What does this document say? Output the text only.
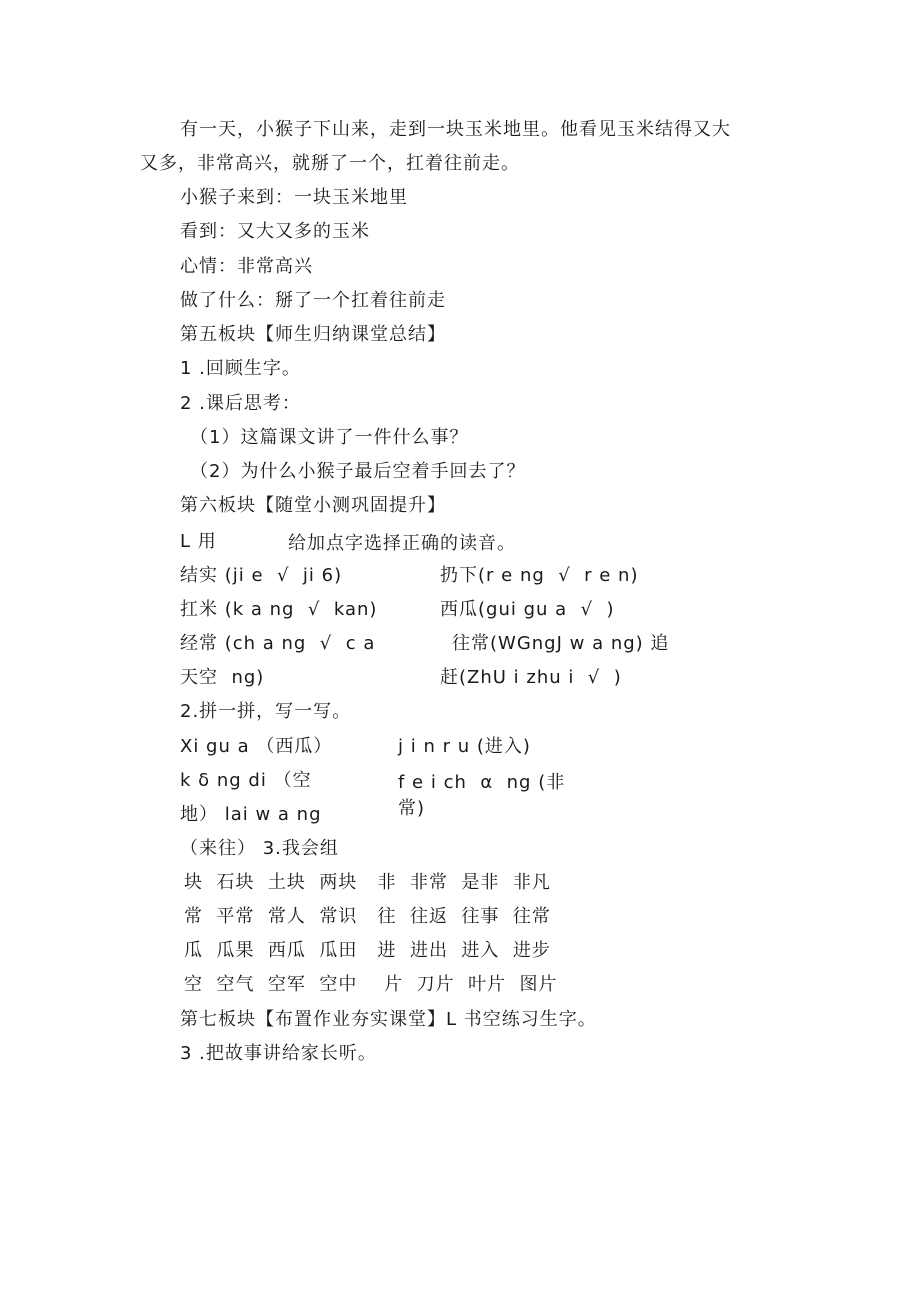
有一天，小猴子下山来，走到一块玉米地里。他看见玉米结得又大
又多，非常高兴，就掰了一个，扛着往前走。
小猴子来到：一块玉米地里
看到：又大又多的玉米
心情：非常高兴
做了什么：掰了一个扛着往前走
第五板块【师生归纳课堂总结】
1 .回顾生字。
2 .课后思考：
（1）这篇课文讲了一件什么事？
（2）为什么小猴子最后空着手回去了？
第六板块【随堂小测巩固提升】
L 用	给加点字选择正确的读音。
结实 (ji e  √  ji 6)	扔下(r e ng  √  r e n)
扛米 (k a ng  √  kan)	西瓜(gui gu a  √  )
经常 (ch a ng  √  c a	往常(WGngJ w a ng) 追
天空  ng)	赶(ZhU i zhu i  √  )
2.拼一拼，写一写。
Xi gu a （西瓜）	j i n r u (进入)
k δ ng di （空	f e i ch  α  ng (非
地） lai w a ng	常)
（来往） 3.我会组
块  石块  土块  两块   非  非常  是非  非凡
常  平常  常人  常识   往  往返  往事  往常
瓜  瓜果  西瓜  瓜田   进  进出  进入  进步
空  空气  空军  空中    片  刀片  叶片  图片
第七板块【布置作业夯实课堂】L 书空练习生字。
3 .把故事讲给家长听。
